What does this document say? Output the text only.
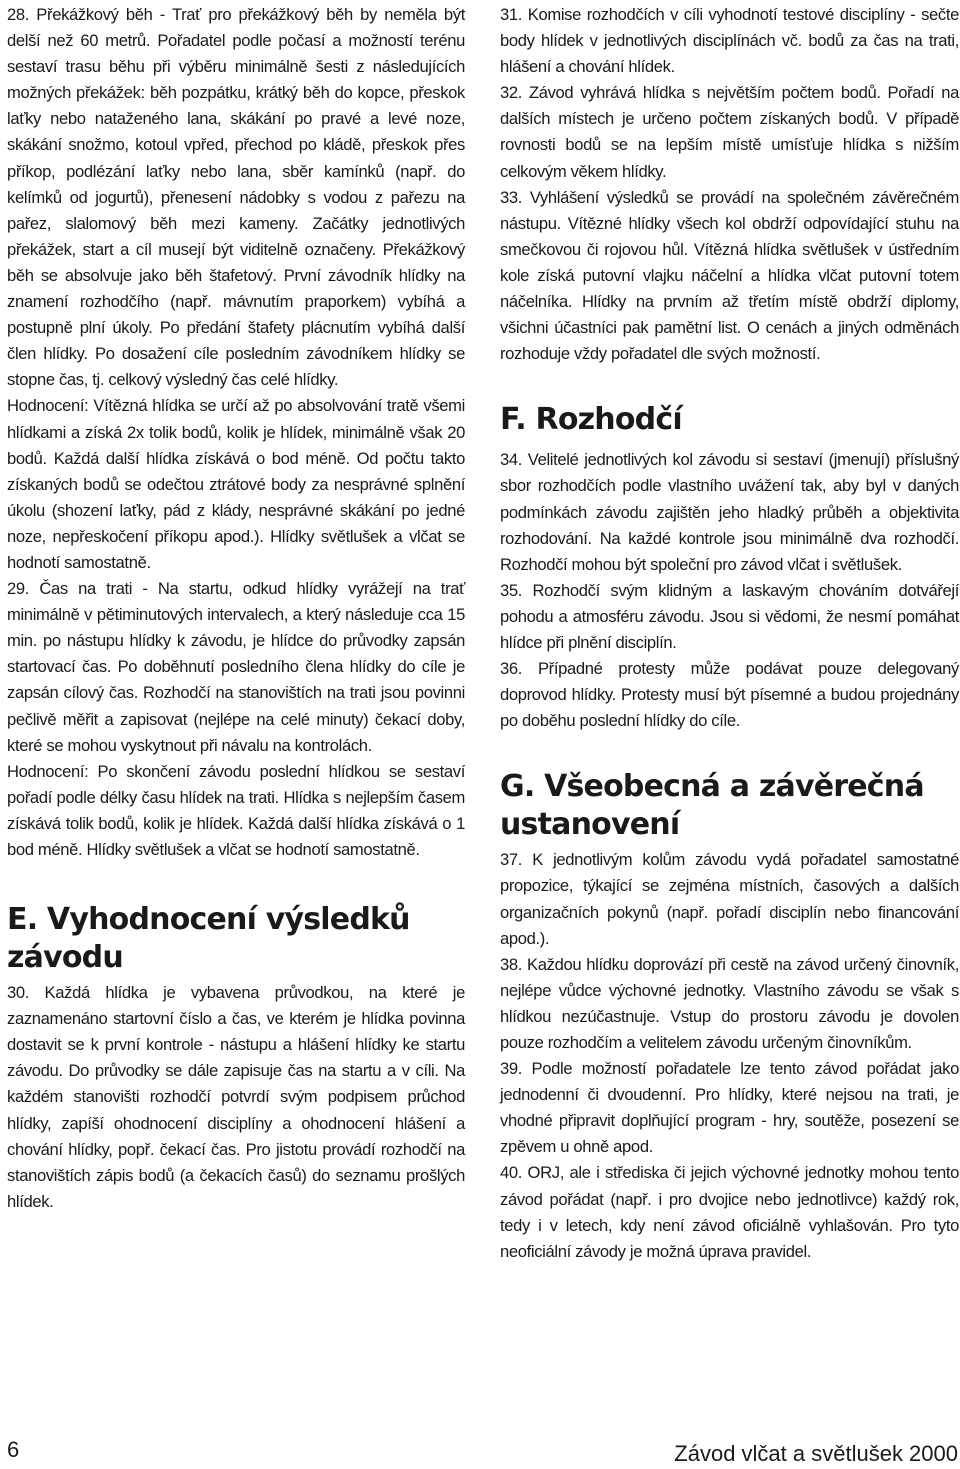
28. Překážkový běh - Trať pro překážkový běh by neměla být delší než 60 metrů. Pořadatel podle počasí a možností terénu sestaví trasu běhu při výběru minimálně šesti z následujících možných překážek: běh pozpátku, krátký běh do kopce, přeskok laťky nebo nataženého lana, skákání po pravé a levé noze, skákání snožmo, kotoul vpřed, přechod po kládě, přeskok přes příkop, podlézání laťky nebo lana, sběr kamínků (např. do kelímků od jogurtů), přenesení nádobky s vodou z pařezu na pařez, slalomový běh mezi kameny. Začátky jednotlivých překážek, start a cíl musejí být viditelně označeny. Překážkový běh se absolvuje jako běh štafetový. První závodník hlídky na znamení rozhodčího (např. mávnutím praporkem) vybíhá a postupně plní úkoly. Po předání štafety plácnutím vybíhá další člen hlídky. Po dosažení cíle posledním závodníkem hlídky se stopne čas, tj. celkový výsledný čas celé hlídky.

Hodnocení: Vítězná hlídka se určí až po absolvování tratě všemi hlídkami a získá 2x tolik bodů, kolik je hlídek, minimálně však 20 bodů. Každá další hlídka získává o bod méně. Od počtu takto získaných bodů se odečtou ztrátové body za nesprávné splnění úkolu (shození laťky, pád z klády, nesprávné skákání po jedné noze, nepřeskočení příkopu apod.). Hlídky světlušek a vlčat se hodnotí samostatně.

29. Čas na trati - Na startu, odkud hlídky vyrážejí na trať minimálně v pětiminutových intervalech, a který následuje cca 15 min. po nástupu hlídky k závodu, je hlídce do průvodky zapsán startovací čas. Po doběhnutí posledního člena hlídky do cíle je zapsán cílový čas. Rozhodčí na stanovištích na trati jsou povinni pečlivě měřit a zapisovat (nejlépe na celé minuty) čekací doby, které se mohou vyskytnout při návalu na kontrolách.

Hodnocení: Po skončení závodu poslední hlídkou se sestaví pořadí podle délky času hlídek na trati. Hlídka s nejlepším časem získává tolik bodů, kolik je hlídek. Každá další hlídka získává o 1 bod méně. Hlídky světlušek a vlčat se hodnotí samostatně.

E. Vyhodnocení výsledků závodu

30. Každá hlídka je vybavena průvodkou, na které je zaznamenáno startovní číslo a čas, ve kterém je hlídka povinna dostavit se k první kontrole - nástupu a hlášení hlídky ke startu závodu. Do průvodky se dále zapisuje čas na startu a v cíli. Na každém stanovišti rozhodčí potvrdí svým podpisem průchod hlídky, zapíší ohodnocení disciplíny a ohodnocení hlášení a chování hlídky, popř. čekací čas. Pro jistotu provádí rozhodčí na stanovištích zápis bodů (a čekacích časů) do seznamu prošlých hlídek.

31. Komise rozhodčích v cíli vyhodnotí testové disciplíny - sečte body hlídek v jednotlivých disciplínách vč. bodů za čas na trati, hlášení a chování hlídek.

32. Závod vyhrává hlídka s největším počtem bodů. Pořadí na dalších místech je určeno počtem získaných bodů. V případě rovnosti bodů se na lepším místě umísťuje hlídka s nižším celkovým věkem hlídky.

33. Vyhlášení výsledků se provádí na společném závěrečném nástupu. Vítězné hlídky všech kol obdrží odpovídající stuhu na smečkovou či rojovou hůl. Vítězná hlídka světlušek v ústředním kole získá putovní vlajku náčelní a hlídka vlčat putovní totem náčelníka. Hlídky na prvním až třetím místě obdrží diplomy, všichni účastníci pak pamětní list. O cenách a jiných odměnách rozhoduje vždy pořadatel dle svých možností.

F. Rozhodčí

34. Velitelé jednotlivých kol závodu si sestaví (jmenují) příslušný sbor rozhodčích podle vlastního uvážení tak, aby byl v daných podmínkách závodu zajištěn jeho hladký průběh a objektivita rozhodování. Na každé kontrole jsou minimálně dva rozhodčí. Rozhodčí mohou být společní pro závod vlčat i světlušek.

35. Rozhodčí svým klidným a laskavým chováním dotvářejí pohodu a atmosféru závodu. Jsou si vědomi, že nesmí pomáhat hlídce při plnění disciplín.

36. Případné protesty může podávat pouze delegovaný doprovod hlídky. Protesty musí být písemné a budou projednány po doběhu poslední hlídky do cíle.

G. Všeobecná a závěrečná ustanovení

37. K jednotlivým kolům závodu vydá pořadatel samostatné propozice, týkající se zejména místních, časových a dalších organizačních pokynů (např. pořadí disciplín nebo financování apod.).

38. Každou hlídku doprovází při cestě na závod určený činovník, nejlépe vůdce výchovné jednotky. Vlastního závodu se však s hlídkou nezúčastnuje. Vstup do prostoru závodu je dovolen pouze rozhodčím a velitelem závodu určeným činovníkům.

39. Podle možností pořadatele lze tento závod pořádat jako jednodenní či dvoudenní. Pro hlídky, které nejsou na trati, je vhodné připravit doplňující program - hry, soutěže, posezení se zpěvem u ohně apod.

40. ORJ, ale i střediska či jejich výchovné jednotky mohou tento závod pořádat (např. i pro dvojice nebo jednotlivce) každý rok, tedy i v letech, kdy není závod oficiálně vyhlašován. Pro tyto neoficiální závody je možná úprava pravidel.

6	Závod vlčat a světlušek 2000
